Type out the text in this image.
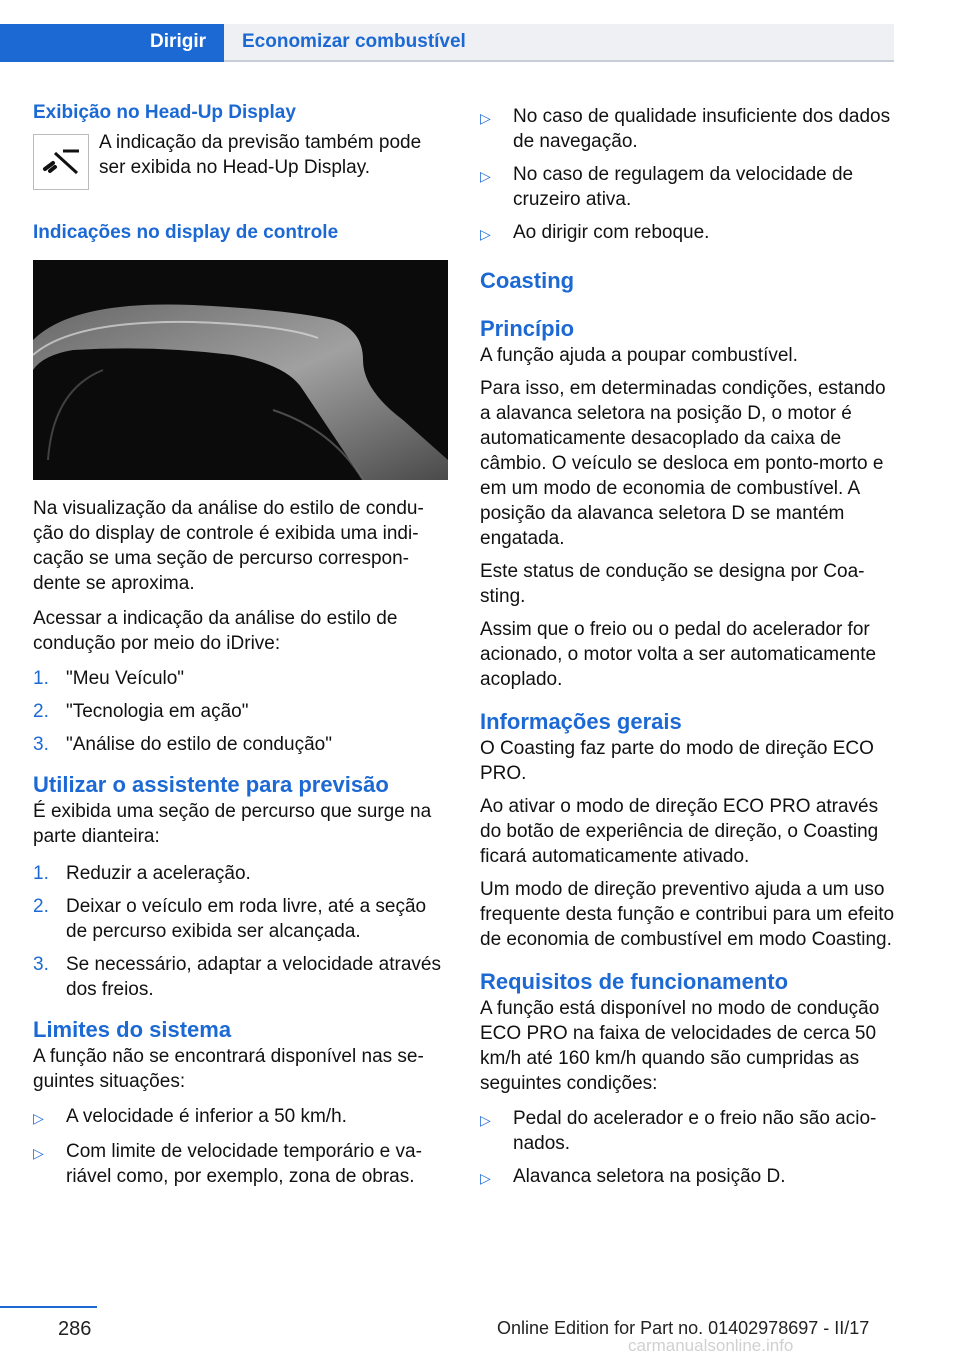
Dirigir Economizar combustível
Exibição no Head-Up Display
A indicação da previsão também pode ser exibida no Head-Up Display.
Indicações no display de controle

Na visualização da análise do estilo de condução do display de controle é exibida uma indicação se uma seção de percurso correspondente se aproxima.

Acessar a indicação da análise do estilo de condução por meio do iDrive:

1. "Meu Veículo"
2. "Tecnologia em ação"
3. "Análise do estilo de condução"
Utilizar o assistente para previsão

É exibida uma seção de percurso que surge na parte dianteira:

1. Reduzir a aceleração.
2. Deixar o veículo em roda livre, até a seção de percurso exibida ser alcançada.
3. Se necessário, adaptar a velocidade através dos freios.
Limites do sistema

A função não se encontrará disponível nas seguintes situações:

▷	A velocidade é inferior a 50 km/h.
▷	Com limite de velocidade temporário e variável como, por exemplo, zona de obras.
▷	No caso de qualidade insuficiente dos dados de navegação.
▷	No caso de regulagem da velocidade de cruzeiro ativa.
▷	Ao dirigir com reboque.
Coasting
Princípio

A função ajuda a poupar combustível.

Para isso, em determinadas condições, estando a alavanca seletora na posição D, o motor é automaticamente desacoplado da caixa de câmbio. O veículo se desloca em ponto-morto e em um modo de economia de combustível. A posição da alavanca seletora D se mantém engatada.

Este status de condução se designa por Coasting.

Assim que o freio ou o pedal do acelerador for acionado, o motor volta a ser automaticamente acoplado.

Informações gerais

O Coasting faz parte do modo de direção ECO PRO.

Ao ativar o modo de direção ECO PRO através do botão de experiência de direção, o Coasting ficará automaticamente ativado.

Um modo de direção preventivo ajuda a um uso frequente desta função e contribui para um efeito de economia de combustível em modo Coasting.

Requisitos de funcionamento

A função está disponível no modo de condução ECO PRO na faixa de velocidades de cerca 50 km/h até 160 km/h quando são cumpridas as seguintes condições:

▷	Pedal do acelerador e o freio não são acionados.
▷	Alavanca seletora na posição D.
286	Online Edition for Part no. 01402978697 - II/17
carmanualsonline.info
